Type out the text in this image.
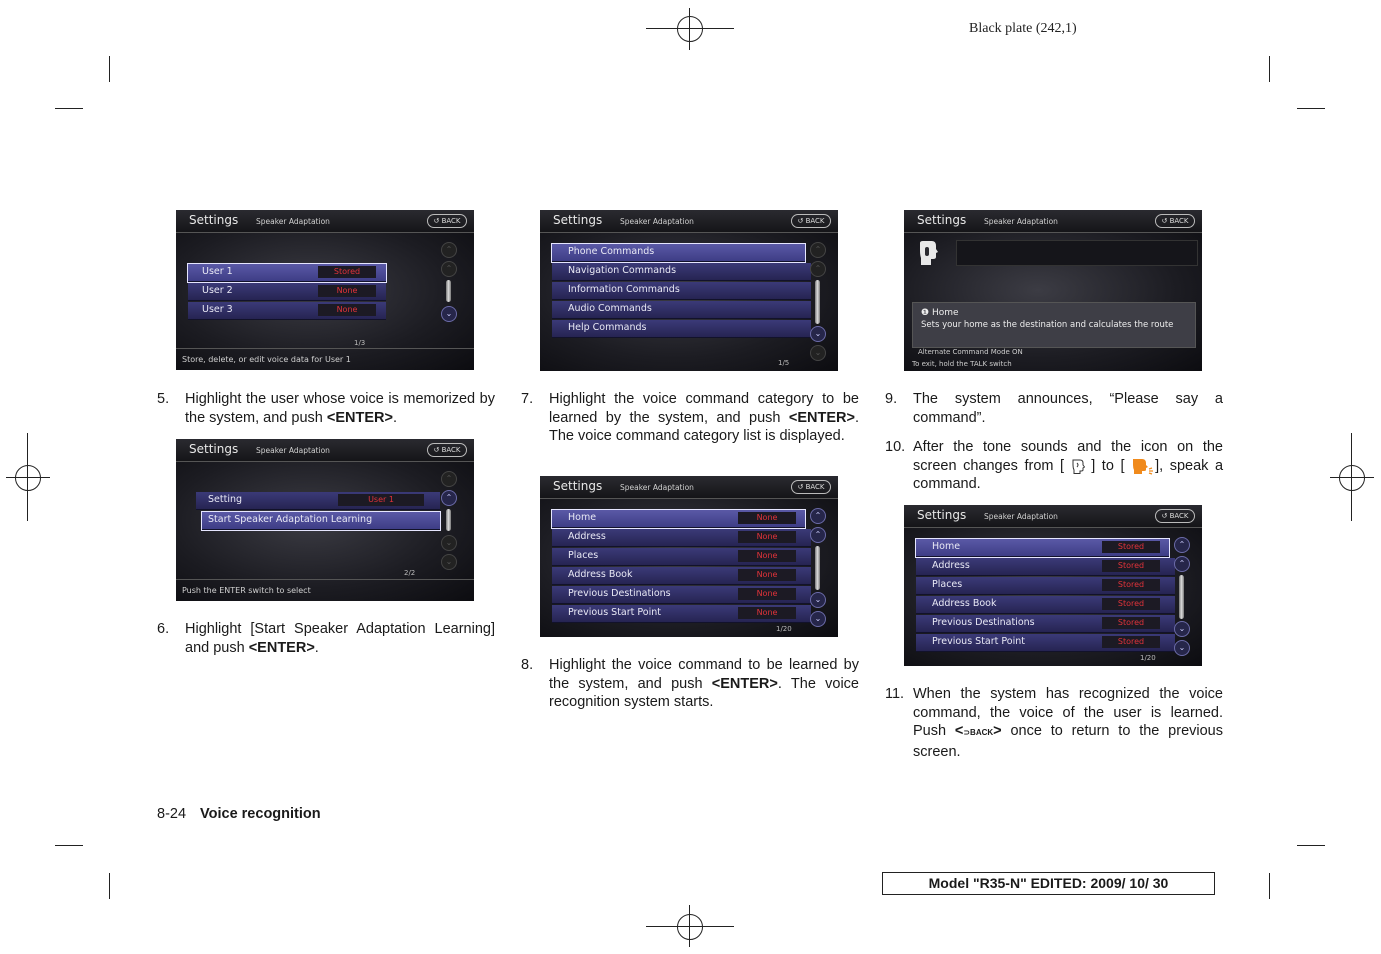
Black plate (242,1)
Settings Speaker Adaptation	↺ BACK
User 1	Stored
User 2	None
User 3	None
⌃
⌃
⌄
1/3
Store, delete, or edit voice data for User 1
Settings Speaker Adaptation	↺ BACK
Setting	User 1
Start Speaker Adaptation Learning
⌃
⌃
⌄
⌄
2/2
Push the ENTER switch to select
Settings Speaker Adaptation	↺ BACK
Phone Commands
Navigation Commands
Information Commands
Audio Commands
Help Commands
⌃
⌃
⌄
⌄
1/5
Settings Speaker Adaptation	↺ BACK
Home	None
Address	None
Places	None
Address Book	None
Previous Destinations	None
Previous Start Point	None
⌃
⌃
⌄
⌄
1/20
Settings Speaker Adaptation	↺ BACK
❶ Home
Sets your home as the destination and calculates the route
Alternate Command Mode ON
To exit, hold the TALK switch
Settings Speaker Adaptation	↺ BACK
Home	Stored
Address	Stored
Places	Stored
Address Book	Stored
Previous Destinations	Stored
Previous Start Point	Stored
⌃
⌃
⌄
⌄
1/20
5. Highlight the user whose voice is memorized by the system, and push <ENTER>.
6. Highlight [Start Speaker Adaptation Learning] and push <ENTER>.
7. Highlight the voice command category to be learned by the system, and push <ENTER>. The voice command category list is displayed.
8. Highlight the voice command to be learned by the system, and push <ENTER>. The voice recognition system starts.
9. The system announces, “Please say a command”.
10. After the tone sounds and the icon on the screen changes from [ ] to [ ], speak a command.
11. When the system has recognized the voice command, the voice of the user is learned. Push <⊃BACK> once to return to the previous screen.
8-24 Voice recognition
Model "R35-N" EDITED: 2009/ 10/ 30
